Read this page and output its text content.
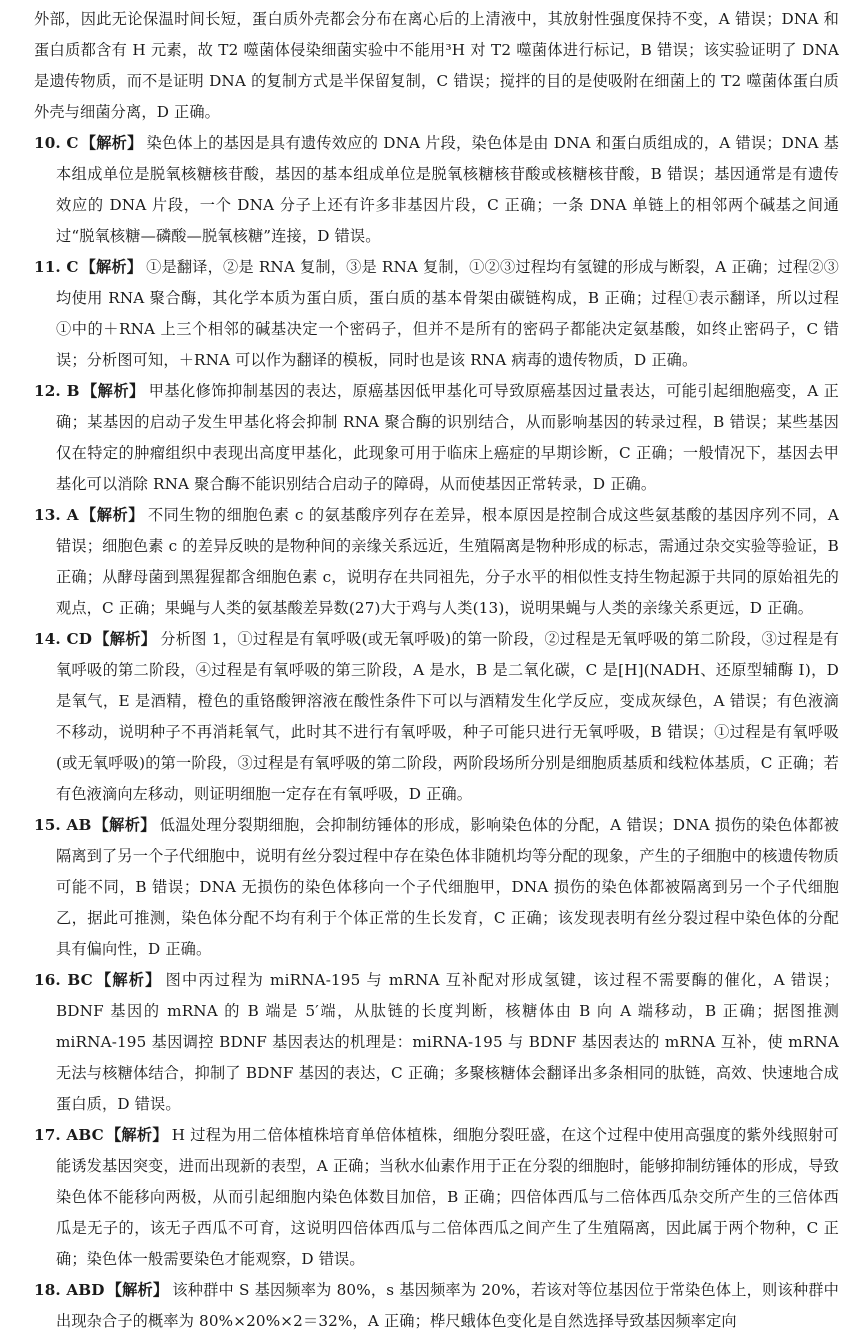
外部，因此无论保温时间长短，蛋白质外壳都会分布在离心后的上清液中，其放射性强度保持不变，A 错误；DNA 和蛋白质都含有 H 元素，故 T2 噬菌体侵染细菌实验中不能用³H 对 T2 噬菌体进行标记，B 错误；该实验证明了 DNA 是遗传物质，而不是证明 DNA 的复制方式是半保留复制，C 错误；搅拌的目的是使吸附在细菌上的 T2 噬菌体蛋白质外壳与细菌分离，D 正确。

10. C 【解析】 染色体上的基因是具有遗传效应的 DNA 片段，染色体是由 DNA 和蛋白质组成的，A 错误；DNA 基本组成单位是脱氧核糖核苷酸，基因的基本组成单位是脱氧核糖核苷酸或核糖核苷酸，B 错误；基因通常是有遗传效应的 DNA 片段，一个 DNA 分子上还有许多非基因片段，C 正确；一条 DNA 单链上的相邻两个碱基之间通过“脱氧核糖—磷酸—脱氧核糖”连接，D 错误。

11. C 【解析】 ①是翻译，②是 RNA 复制，③是 RNA 复制，①②③过程均有氢键的形成与断裂，A 正确；过程②③均使用 RNA 聚合酶，其化学本质为蛋白质，蛋白质的基本骨架由碳链构成，B 正确；过程①表示翻译，所以过程①中的＋RNA 上三个相邻的碱基决定一个密码子，但并不是所有的密码子都能决定氨基酸，如终止密码子，C 错误；分析图可知，＋RNA 可以作为翻译的模板，同时也是该 RNA 病毒的遗传物质，D 正确。

12. B 【解析】 甲基化修饰抑制基因的表达，原癌基因低甲基化可导致原癌基因过量表达，可能引起细胞癌变，A 正确；某基因的启动子发生甲基化将会抑制 RNA 聚合酶的识别结合，从而影响基因的转录过程，B 错误；某些基因仅在特定的肿瘤组织中表现出高度甲基化，此现象可用于临床上癌症的早期诊断，C 正确；一般情况下，基因去甲基化可以消除 RNA 聚合酶不能识别结合启动子的障碍，从而使基因正常转录，D 正确。

13. A 【解析】 不同生物的细胞色素 c 的氨基酸序列存在差异，根本原因是控制合成这些氨基酸的基因序列不同，A 错误；细胞色素 c 的差异反映的是物种间的亲缘关系远近，生殖隔离是物种形成的标志，需通过杂交实验等验证，B 正确；从酵母菌到黑猩猩都含细胞色素 c，说明存在共同祖先，分子水平的相似性支持生物起源于共同的原始祖先的观点，C 正确；果蝇与人类的氨基酸差异数(27)大于鸡与人类(13)，说明果蝇与人类的亲缘关系更远，D 正确。

14. CD 【解析】 分析图 1，①过程是有氧呼吸(或无氧呼吸)的第一阶段，②过程是无氧呼吸的第二阶段，③过程是有氧呼吸的第二阶段，④过程是有氧呼吸的第三阶段，A 是水，B 是二氧化碳，C 是[H](NADH、还原型辅酶 Ⅰ)，D 是氧气，E 是酒精，橙色的重铬酸钾溶液在酸性条件下可以与酒精发生化学反应，变成灰绿色，A 错误；有色液滴不移动，说明种子不再消耗氧气，此时其不进行有氧呼吸，种子可能只进行无氧呼吸，B 错误；①过程是有氧呼吸(或无氧呼吸)的第一阶段，③过程是有氧呼吸的第二阶段，两阶段场所分别是细胞质基质和线粒体基质，C 正确；若有色液滴向左移动，则证明细胞一定存在有氧呼吸，D 正确。

15. AB 【解析】 低温处理分裂期细胞，会抑制纺锤体的形成，影响染色体的分配，A 错误；DNA 损伤的染色体都被隔离到了另一个子代细胞中，说明有丝分裂过程中存在染色体非随机均等分配的现象，产生的子细胞中的核遗传物质可能不同，B 错误；DNA 无损伤的染色体移向一个子代细胞甲，DNA 损伤的染色体都被隔离到另一个子代细胞乙，据此可推测，染色体分配不均有利于个体正常的生长发育，C 正确；该发现表明有丝分裂过程中染色体的分配具有偏向性，D 正确。

16. BC 【解析】 图中丙过程为 miRNA-195 与 mRNA 互补配对形成氢键，该过程不需要酶的催化，A 错误；BDNF 基因的 mRNA 的 B 端是 5′端，从肽链的长度判断，核糖体由 B 向 A 端移动，B 正确；据图推测 miRNA-195 基因调控 BDNF 基因表达的机理是：miRNA-195 与 BDNF 基因表达的 mRNA 互补，使 mRNA 无法与核糖体结合，抑制了 BDNF 基因的表达，C 正确；多聚核糖体会翻译出多条相同的肽链，高效、快速地合成蛋白质，D 错误。

17. ABC 【解析】 H 过程为用二倍体植株培育单倍体植株，细胞分裂旺盛，在这个过程中使用高强度的紫外线照射可能诱发基因突变，进而出现新的表型，A 正确；当秋水仙素作用于正在分裂的细胞时，能够抑制纺锤体的形成，导致染色体不能移向两极，从而引起细胞内染色体数目加倍，B 正确；四倍体西瓜与二倍体西瓜杂交所产生的三倍体西瓜是无子的，该无子西瓜不可育，这说明四倍体西瓜与二倍体西瓜之间产生了生殖隔离，因此属于两个物种，C 正确；染色体一般需要染色才能观察，D 错误。

18. ABD 【解析】 该种群中 S 基因频率为 80%，s 基因频率为 20%，若该对等位基因位于常染色体上，则该种群中出现杂合子的概率为 80%×20%×2＝32%，A 正确；桦尺蛾体色变化是自然选择导致基因频率定向
